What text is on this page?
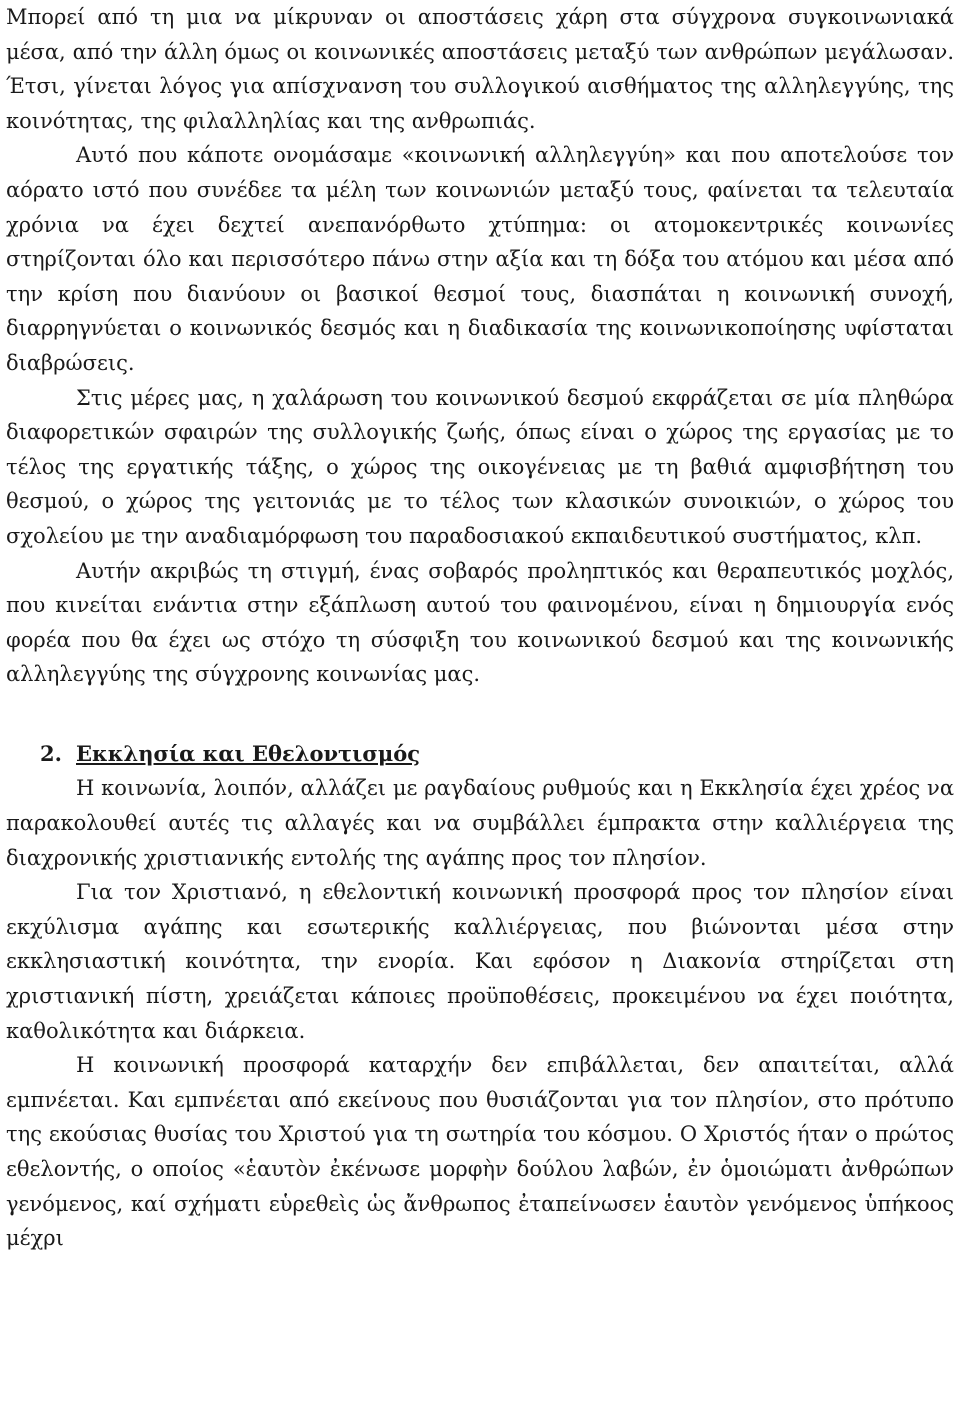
Μπορεί από τη μια να μίκρυναν οι αποστάσεις χάρη στα σύγχρονα συγκοινωνιακά μέσα, από την άλλη όμως οι κοινωνικές αποστάσεις μεταξύ των ανθρώπων μεγάλωσαν. Έτσι, γίνεται λόγος για απίσχνανση του συλλογικού αισθήματος της αλληλεγγύης, της κοινότητας, της φιλαλληλίας και της ανθρωπιάς.

Αυτό που κάποτε ονομάσαμε «κοινωνική αλληλεγγύη» και που αποτελούσε τον αόρατο ιστό που συνέδεε τα μέλη των κοινωνιών μεταξύ τους, φαίνεται τα τελευταία χρόνια να έχει δεχτεί ανεπανόρθωτο χτύπημα: οι ατομοκεντρικές κοινωνίες στηρίζονται όλο και περισσότερο πάνω στην αξία και τη δόξα του ατόμου και μέσα από την κρίση που διανύουν οι βασικοί θεσμοί τους, διασπάται η κοινωνική συνοχή, διαρρηγνύεται ο κοινωνικός δεσμός και η διαδικασία της κοινωνικοποίησης υφίσταται διαβρώσεις.

Στις μέρες μας, η χαλάρωση του κοινωνικού δεσμού εκφράζεται σε μία πληθώρα διαφορετικών σφαιρών της συλλογικής ζωής, όπως είναι ο χώρος της εργασίας με το τέλος της εργατικής τάξης, ο χώρος της οικογένειας με τη βαθιά αμφισβήτηση του θεσμού, ο χώρος της γειτονιάς με το τέλος των κλασικών συνοικιών, ο χώρος του σχολείου με την αναδιαμόρφωση του παραδοσιακού εκπαιδευτικού συστήματος, κλπ.

Αυτήν ακριβώς τη στιγμή, ένας σοβαρός προληπτικός και θεραπευτικός μοχλός, που κινείται ενάντια στην εξάπλωση αυτού του φαινομένου, είναι η δημιουργία ενός φορέα που θα έχει ως στόχο τη σύσφιξη του κοινωνικού δεσμού και της κοινωνικής αλληλεγγύης της σύγχρονης κοινωνίας μας.

2. Εκκλησία και Εθελοντισμός

Η κοινωνία, λοιπόν, αλλάζει με ραγδαίους ρυθμούς και η Εκκλησία έχει χρέος να παρακολουθεί αυτές τις αλλαγές και να συμβάλλει έμπρακτα στην καλλιέργεια της διαχρονικής χριστιανικής εντολής της αγάπης προς τον πλησίον.

Για τον Χριστιανό, η εθελοντική κοινωνική προσφορά προς τον πλησίον είναι εκχύλισμα αγάπης και εσωτερικής καλλιέργειας, που βιώνονται μέσα στην εκκλησιαστική κοινότητα, την ενορία. Και εφόσον η Διακονία στηρίζεται στη χριστιανική πίστη, χρειάζεται κάποιες προϋποθέσεις, προκειμένου να έχει ποιότητα, καθολικότητα και διάρκεια.

Η κοινωνική προσφορά καταρχήν δεν επιβάλλεται, δεν απαιτείται, αλλά εμπνέεται. Και εμπνέεται από εκείνους που θυσιάζονται για τον πλησίον, στο πρότυπο της εκούσιας θυσίας του Χριστού για τη σωτηρία του κόσμου. Ο Χριστός ήταν ο πρώτος εθελοντής, ο οποίος «ἑαυτὸν ἐκένωσε μορφὴν δούλου λαβών, ἐν ὁμοιώματι ἀνθρώπων γενόμενος, καί σχήματι εὑρεθεὶς ὡς ἄνθρωπος ἐταπείνωσεν ἑαυτὸν γενόμενος ὑπήκοος μέχρι
